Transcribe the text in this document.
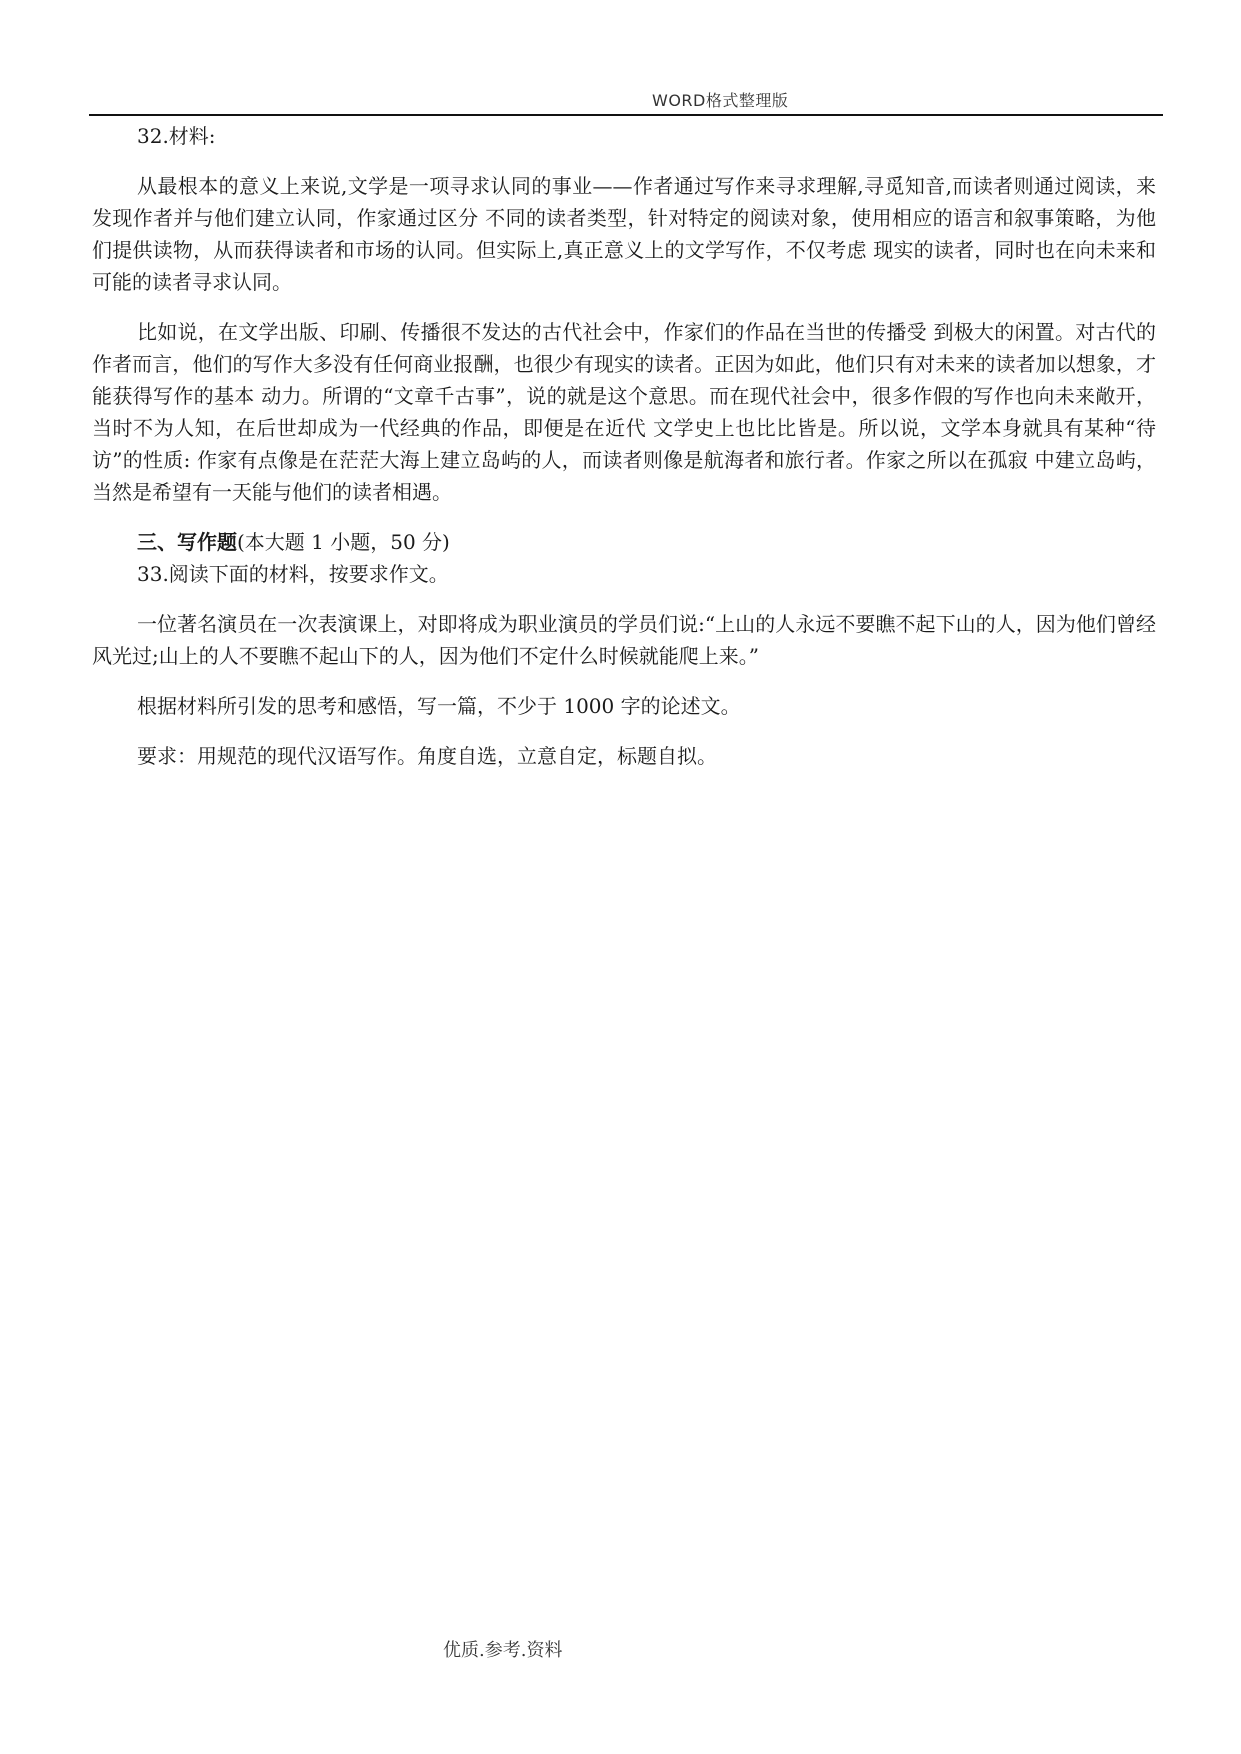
WORD格式整理版

32.材料:

从最根本的意义上来说,文学是一项寻求认同的事业——作者通过写作来寻求理解,寻觅知音,而读者则通过阅读，来发现作者并与他们建立认同，作家通过区分 不同的读者类型，针对特定的阅读对象，使用相应的语言和叙事策略，为他们提供读物，从而获得读者和市场的认同。但实际上,真正意义上的文学写作，不仅考虑 现实的读者，同时也在向未来和可能的读者寻求认同。

比如说，在文学出版、印刷、传播很不发达的古代社会中，作家们的作品在当世的传播受 到极大的闲置。对古代的作者而言，他们的写作大多没有任何商业报酬，也很少有现实的读者。正因为如此，他们只有对未来的读者加以想象，才能获得写作的基本 动力。所谓的“文章千古事”，说的就是这个意思。而在现代社会中，很多作假的写作也向未来敞开，当时不为人知，在后世却成为一代经典的作品，即便是在近代 文学史上也比比皆是。所以说，文学本身就具有某种“待访”的性质: 作家有点像是在茫茫大海上建立岛屿的人，而读者则像是航海者和旅行者。作家之所以在孤寂 中建立岛屿，当然是希望有一天能与他们的读者相遇。

三、写作题(本大题 1 小题，50 分)

33.阅读下面的材料，按要求作文。

一位著名演员在一次表演课上，对即将成为职业演员的学员们说:“上山的人永远不要瞧不起下山的人，因为他们曾经风光过;山上的人不要瞧不起山下的人，因为他们不定什么时候就能爬上来。”

根据材料所引发的思考和感悟，写一篇，不少于 1000 字的论述文。

要求：用规范的现代汉语写作。角度自选，立意自定，标题自拟。

优质.参考.资料
